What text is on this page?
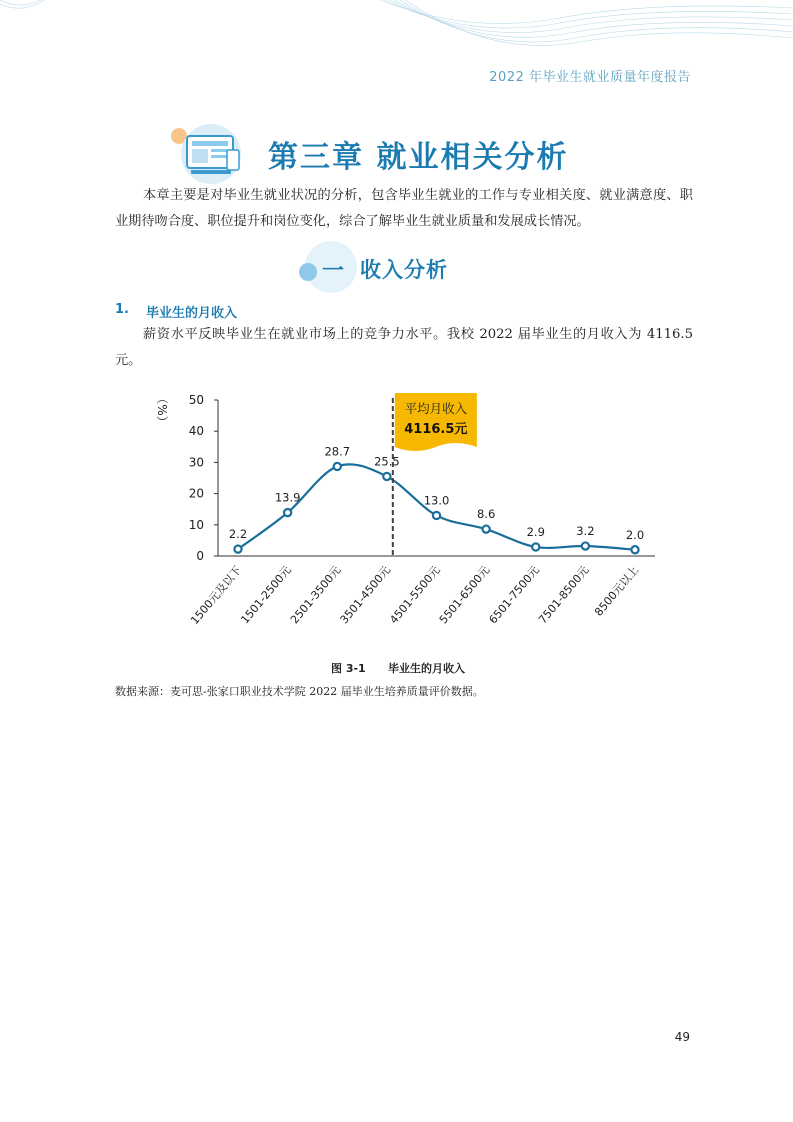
2022 年毕业生就业质量年度报告
第三章 就业相关分析
本章主要是对毕业生就业状况的分析，包含毕业生就业的工作与专业相关度、就业满意度、职业期待吻合度、职位提升和岗位变化，综合了解毕业生就业质量和发展成长情况。
一 收入分析
1. 毕业生的月收入
薪资水平反映毕业生在就业市场上的竞争力水平。我校 2022 届毕业生的月收入为 4116.5 元。
0
10
20
30
40
50
（%）
1500元及以下
1501-2500元
2501-3500元
3501-4500元
4501-5500元
5501-6500元
6501-7500元
7501-8500元 8500元以上
平均月收入
4116.5元
2.2
13.9
28.7
25.5
13.0
8.6
2.9	3.2	2.0
图 3-1 毕业生的月收入
数据来源：麦可思-张家口职业技术学院 2022 届毕业生培养质量评价数据。
49
